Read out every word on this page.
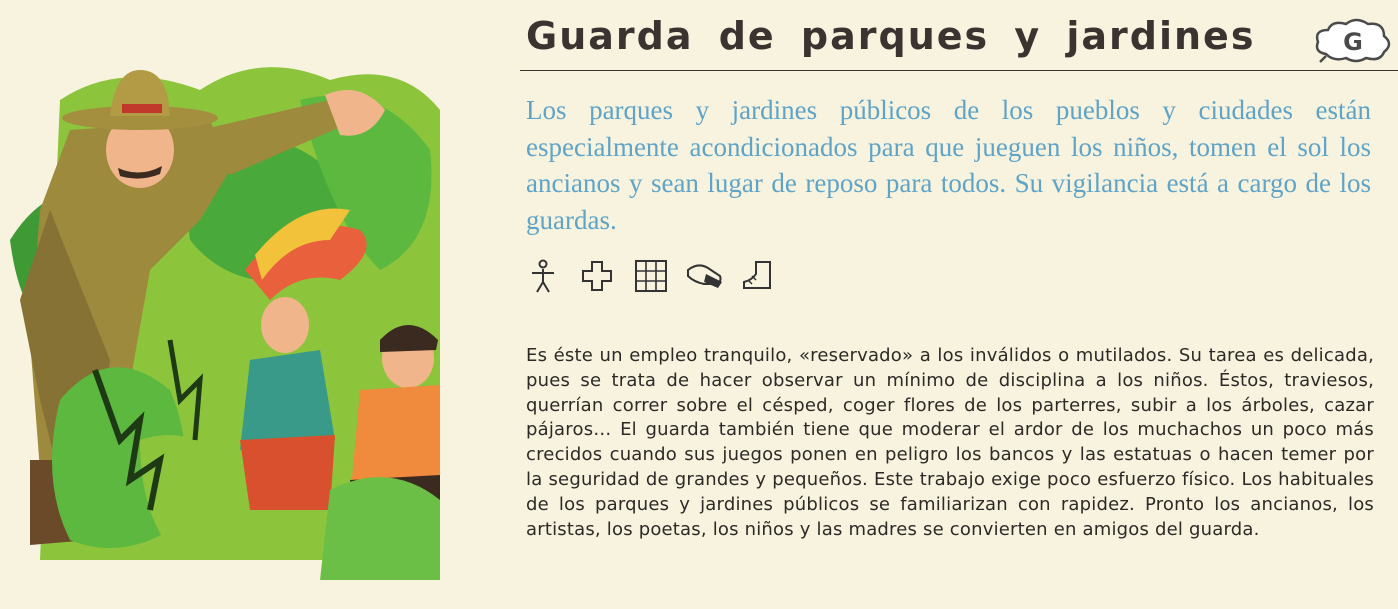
Guarda de parques y jardines	G

Los parques y jardines públicos de los pueblos y ciudades están especialmente acondicionados para que jueguen los niños, tomen el sol los ancianos y sean lugar de reposo para todos. Su vigilancia está a cargo de los guardas.

Es éste un empleo tranquilo, «reservado» a los inválidos o mutilados. Su tarea es delicada, pues se trata de hacer observar un mínimo de disciplina a los niños. Éstos, traviesos, querrían correr sobre el césped, coger flores de los parterres, subir a los árboles, cazar pájaros… El guarda también tiene que moderar el ardor de los muchachos un poco más crecidos cuando sus juegos ponen en peligro los bancos y las estatuas o hacen temer por la seguridad de grandes y pequeños. Este trabajo exige poco esfuerzo físico. Los habituales de los parques y jardines públicos se familiarizan con rapidez. Pronto los ancianos, los artistas, los poetas, los niños y las madres se convierten en amigos del guarda.
